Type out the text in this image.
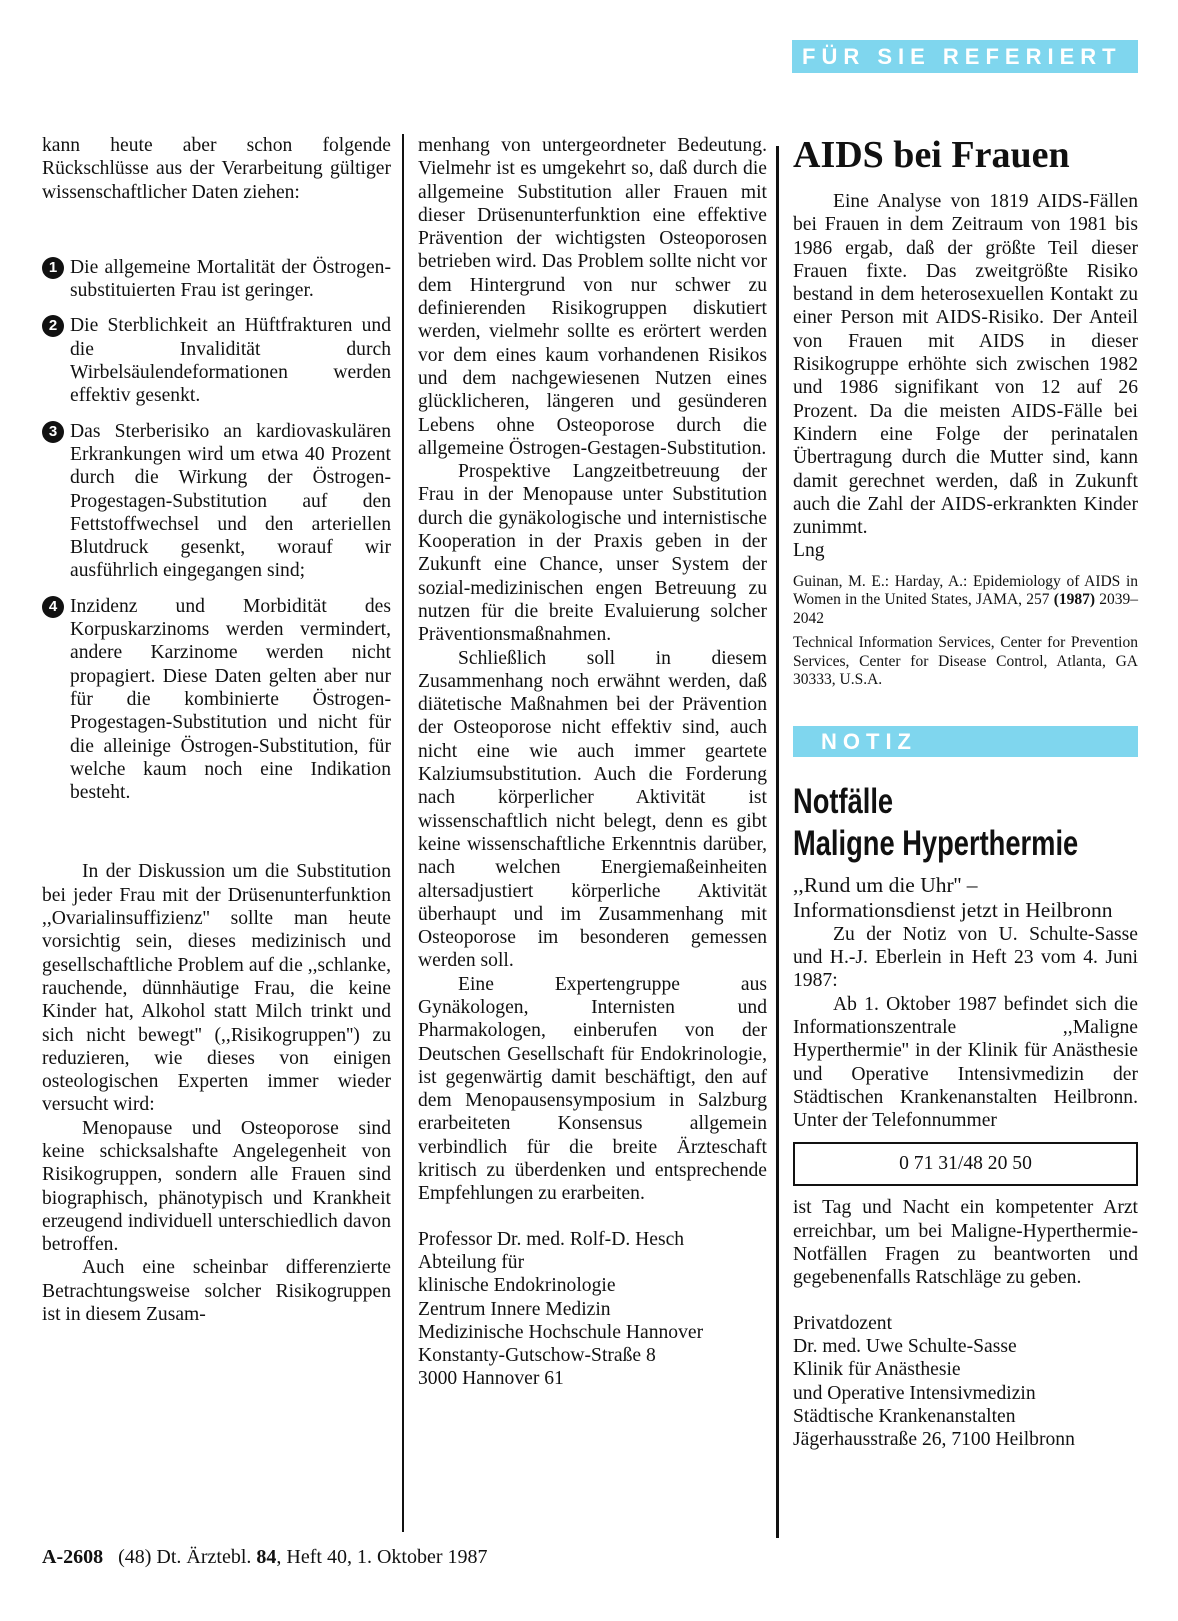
FÜR SIE REFERIERT

kann heute aber schon folgende Rückschlüsse aus der Verarbeitung gültiger wissenschaftlicher Daten ziehen:

1 Die allgemeine Mortalität der Östrogen-substituierten Frau ist geringer.

2 Die Sterblichkeit an Hüftfrakturen und die Invalidität durch Wirbelsäulendeformationen werden effektiv gesenkt.

3 Das Sterberisiko an kardiovaskulären Erkrankungen wird um etwa 40 Prozent durch die Wirkung der Östrogen-Progestagen-Substitution auf den Fettstoffwechsel und den arteriellen Blutdruck gesenkt, worauf wir ausführlich eingegangen sind;

4 Inzidenz und Morbidität des Korpuskarzinoms werden vermindert, andere Karzinome werden nicht propagiert. Diese Daten gelten aber nur für die kombinierte Östrogen-Progestagen-Substitution und nicht für die alleinige Östrogen-Substitution, für welche kaum noch eine Indikation besteht.

In der Diskussion um die Substitution bei jeder Frau mit der Drüsenunterfunktion ,,Ovarialinsuffizienz'' sollte man heute vorsichtig sein, dieses medizinisch und gesellschaftliche Problem auf die ,,schlanke, rauchende, dünnhäutige Frau, die keine Kinder hat, Alkohol statt Milch trinkt und sich nicht bewegt'' (,,Risikogruppen'') zu reduzieren, wie dieses von einigen osteologischen Experten immer wieder versucht wird:

Menopause und Osteoporose sind keine schicksalshafte Angelegenheit von Risikogruppen, sondern alle Frauen sind biographisch, phänotypisch und Krankheit erzeugend individuell unterschiedlich davon betroffen.

Auch eine scheinbar differenzierte Betrachtungsweise solcher Risikogruppen ist in diesem Zusam-

menhang von untergeordneter Bedeutung. Vielmehr ist es umgekehrt so, daß durch die allgemeine Substitution aller Frauen mit dieser Drüsenunterfunktion eine effektive Prävention der wichtigsten Osteoporosen betrieben wird. Das Problem sollte nicht vor dem Hintergrund von nur schwer zu definierenden Risikogruppen diskutiert werden, vielmehr sollte es erörtert werden vor dem eines kaum vorhandenen Risikos und dem nachgewiesenen Nutzen eines glücklicheren, längeren und gesünderen Lebens ohne Osteoporose durch die allgemeine Östrogen-Gestagen-Substitution.

Prospektive Langzeitbetreuung der Frau in der Menopause unter Substitution durch die gynäkologische und internistische Kooperation in der Praxis geben in der Zukunft eine Chance, unser System der sozial-medizinischen engen Betreuung zu nutzen für die breite Evaluierung solcher Präventionsmaßnahmen.

Schließlich soll in diesem Zusammenhang noch erwähnt werden, daß diätetische Maßnahmen bei der Prävention der Osteoporose nicht effektiv sind, auch nicht eine wie auch immer geartete Kalziumsubstitution. Auch die Forderung nach körperlicher Aktivität ist wissenschaftlich nicht belegt, denn es gibt keine wissenschaftliche Erkenntnis darüber, nach welchen Energiemaßeinheiten altersadjustiert körperliche Aktivität überhaupt und im Zusammenhang mit Osteoporose im besonderen gemessen werden soll.

Eine Expertengruppe aus Gynäkologen, Internisten und Pharmakologen, einberufen von der Deutschen Gesellschaft für Endokrinologie, ist gegenwärtig damit beschäftigt, den auf dem Menopausensymposium in Salzburg erarbeiteten Konsensus allgemein verbindlich für die breite Ärzteschaft kritisch zu überdenken und entsprechende Empfehlungen zu erarbeiten.

Professor Dr. med. Rolf-D. Hesch

Abteilung für

klinische Endokrinologie

Zentrum Innere Medizin

Medizinische Hochschule Hannover

Konstanty-Gutschow-Straße 8

3000 Hannover 61

AIDS bei Frauen

Eine Analyse von 1819 AIDS-Fällen bei Frauen in dem Zeitraum von 1981 bis 1986 ergab, daß der größte Teil dieser Frauen fixte. Das zweitgrößte Risiko bestand in dem heterosexuellen Kontakt zu einer Person mit AIDS-Risiko. Der Anteil von Frauen mit AIDS in dieser Risikogruppe erhöhte sich zwischen 1982 und 1986 signifikant von 12 auf 26 Prozent. Da die meisten AIDS-Fälle bei Kindern eine Folge der perinatalen Übertragung durch die Mutter sind, kann damit gerechnet werden, daß in Zukunft auch die Zahl der AIDS-erkrankten Kinder zunimmt.

Lng

Guinan, M. E.: Harday, A.: Epidemiology of AIDS in Women in the United States, JAMA, 257 (1987) 2039–2042

Technical Information Services, Center for Prevention Services, Center for Disease Control, Atlanta, GA 30333, U.S.A.

NOTIZ
Notfälle
Maligne Hyperthermie

,,Rund um die Uhr'' – Informationsdienst jetzt in Heilbronn

Zu der Notiz von U. Schulte-Sasse und H.-J. Eberlein in Heft 23 vom 4. Juni 1987:

Ab 1. Oktober 1987 befindet sich die Informationszentrale ,,Maligne Hyperthermie'' in der Klinik für Anästhesie und Operative Intensivmedizin der Städtischen Krankenanstalten Heilbronn. Unter der Telefonnummer

0 71 31/48 20 50

ist Tag und Nacht ein kompetenter Arzt erreichbar, um bei Maligne-Hyperthermie-Notfällen Fragen zu beantworten und gegebenenfalls Ratschläge zu geben.

Privatdozent

Dr. med. Uwe Schulte-Sasse

Klinik für Anästhesie

und Operative Intensivmedizin

Städtische Krankenanstalten

Jägerhausstraße 26, 7100 Heilbronn

A-2608 (48) Dt. Ärztebl. 84, Heft 40, 1. Oktober 1987
